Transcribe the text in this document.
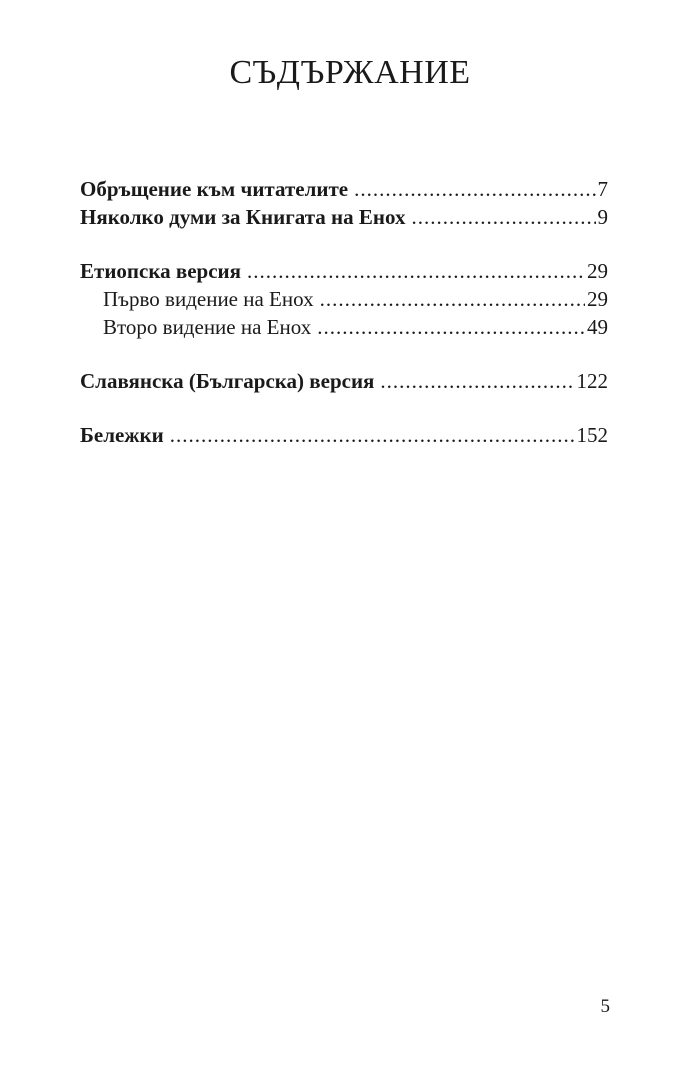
СЪДЪРЖАНИЕ
Обръщение към читателите .....	7
Няколко думи за Книгата на Енох .....	9
Етиопска версия .....	29
Първо видение на Енох .....	29
Второ видение на Енох .....	49
Славянска (Българска) версия .....	122
Бележки .....	152
5
